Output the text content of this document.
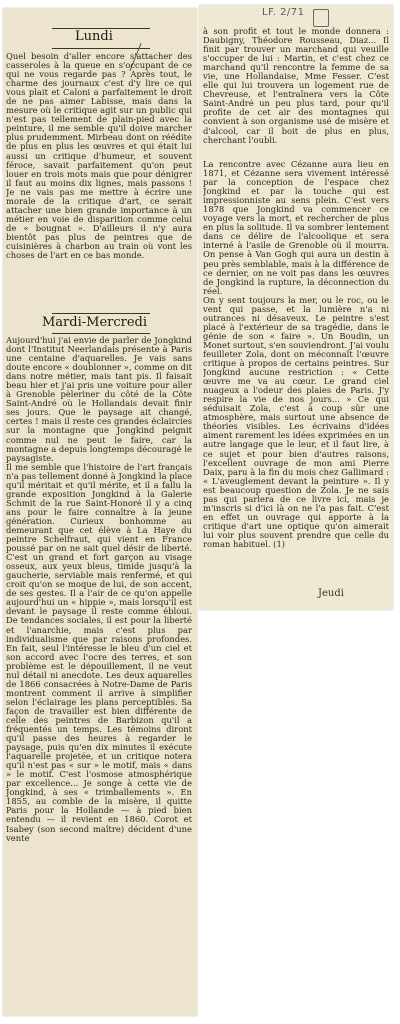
LF. 2/71
Lundi
Quel besoin d'aller encore s'attacher des casseroles à la queue en s'occupant de ce qui ne vous regarde pas ? Après tout, le charme des journaux c'est d'y lire ce qui vous plait et Caloni a parfaitement le droit de ne pas aimer Labisse, mais dans la mesure où le critique agit sur un public qui n'est pas tellement de plain-pied avec la peinture, il me semble qu'il doive marcher plus prudemment. Mirbeau dont on réédite de plus en plus les œuvres et qui était lui aussi un critique d'humeur, et souvent féroce, savait parfaitement qu'on peut louer en trois mots mais que pour dénigrer il faut au moins dix lignes, mais passons ! Je ne vais pas me mettre à écrire une morale de la critique d'art, ce serait attacher une bien grande importance à un métier en voie de disparition comme celui de « bougnat ». D'ailleurs il n'y aura bientôt pas plus de peintres que de cuisinières à charbon au train où vont les choses de l'art en ce bas monde.
Mardi-Mercredi
Aujourd'hui j'ai envie de parler de Jongkind dont l'Institut Neerlandais présente à Paris une centaine d'aquarelles. Je vais sans doute encore « doublonner », comme on dit dans notre métier, mais tant pis. Il faisait beau hier et j'ai pris une voiture pour aller à Grenoble pèleriner du côté de la Côte Saint-André où le Hollandais devait finir ses jours. Que le paysage ait changé, certes ! mais il reste ces grandes éclaircies sur la montagne que Jongkind peignit comme nul ne peut le faire, car la montagne a depuis longtemps découragé le paysagiste.
Il me semble que l'histoire de l'art français n'a pas tellement donné à Jongkind la place qu'il méritait et qu'il mérite, et il a fallu la grande exposition Jongkind à la Galerie Schmit de la rue Saint-Honoré il y a cinq ans pour le faire connaître à la jeune génération. Curieux bonhomme au demeurant que cet élève à La Haye du peintre Schelfraut, qui vient en France poussé par on ne sait quel désir de liberté. C'est un grand et fort garçon au visage osseux, aux yeux bleus, timide jusqu'à la gaucherie, serviable mais renfermé, et qui croit qu'on se moque de lui, de son accent, de ses gestes. Il a l'air de ce qu'on appelle aujourd'hui un « hippie », mais lorsqu'il est devant le paysage il reste comme ébloui. De tendances sociales, il est pour la liberté et l'anarchie, mais c'est plus par individualisme que par raisons profondes. En fait, seul l'intéresse le bleu d'un ciel et son accord avec l'ocre des terres, et son problème est le dépouillement, il ne veut nul détail ni anecdote. Les deux aquarelles de 1866 consacrées à Notre-Dame de Paris montrent comment il arrive à simplifier selon l'éclairage les plans perceptibles. Sa façon de travailler est bien différente de celle des peintres de Barbizon qu'il a fréquentés un temps. Les témoins diront qu'il passe des heures à regarder le paysage, puis qu'en dix minutes il exécute l'aquarelle projetée, et un critique notera qu'il n'est pas « sur » le motif, mais « dans » le motif. C'est l'osmose atmosphérique par excellence... Je songe à cette vie de Jongkind, à ses « trimballements ». En 1855, au comble de la misère, il quitte Paris pour la Hollande — à pied bien entendu — il revient en 1860. Corot et Isabey (son second maître) décident d'une vente
à son profit et tout le monde donnera : Daubigny, Théodore Rousseau, Diaz... Il finit par trouver un marchand qui veuille s'occuper de lui : Martin, et c'est chez ce marchand qu'il rencontre la femme de sa vie, une Hollandaise, Mme Fesser. C'est elle qui lui trouvera un logement rue de Chevreuse, et l'entraînera vers la Côte Saint-André un peu plus tard, pour qu'il profite de cet air des montagnes qui convient à son organisme usé de misère et d'alcool, car il boit de plus en plus, cherchant l'oubli.
La rencontre avec Cézanne aura lieu en 1871, et Cézanne sera vivement intéressé par la conception de l'espace chez Jongkind et par la touche qui est impressionniste au sens plein. C'est vers 1878 que Jongkind va commencer ce voyage vers la mort, et rechercher de plus en plus la solitude. Il va sombrer lentement dans ce délire de l'alcoolique et sera interné à l'asile de Grenoble où il mourra. On pense à Van Gogh qui aura un destin à peu près semblable, mais à la différence de ce dernier, on ne voit pas dans les œuvres de Jongkind la rupture, la déconnection du réel.
On y sent toujours la mer, ou le roc, ou le vent qui passe, et la lumière n'a ni outrances ni désaveux. Le peintre s'est placé à l'extérieur de sa tragédie, dans le génie de son « faire ». Un Boudin, un Monet surtout, s'en souviendront. J'ai voulu feuilleter Zola, dont on méconnaît l'œuvre critique à propos de certains peintres. Sur Jongkind aucune restriction : « Cette œuvre me va au cœur. Le grand ciel nuageux a l'odeur des plaies de Paris. J'y respire la vie de nos jours... » Ce qui séduisait Zola, c'est à coup sûr une atmosphère, mais surtout une absence de théories visibles. Les écrivains d'idées aiment rarement les idées exprimées en un autre langage que le leur, et il faut lire, à ce sujet et pour bien d'autres raisons, l'excellent ouvrage de mon ami Pierre Daix, paru à la fin du mois chez Gallimard : « L'aveuglement devant la peinture ». Il y est beaucoup question de Zola. Je ne sais pas qui parlera de ce livre ici, mais je m'inscris si d'ici là on ne l'a pas fait. C'est en effet un ouvrage qui apporte à la critique d'art une optique qu'on aimerait lui voir plus souvent prendre que celle du roman habituel. (1)
Jeudi
